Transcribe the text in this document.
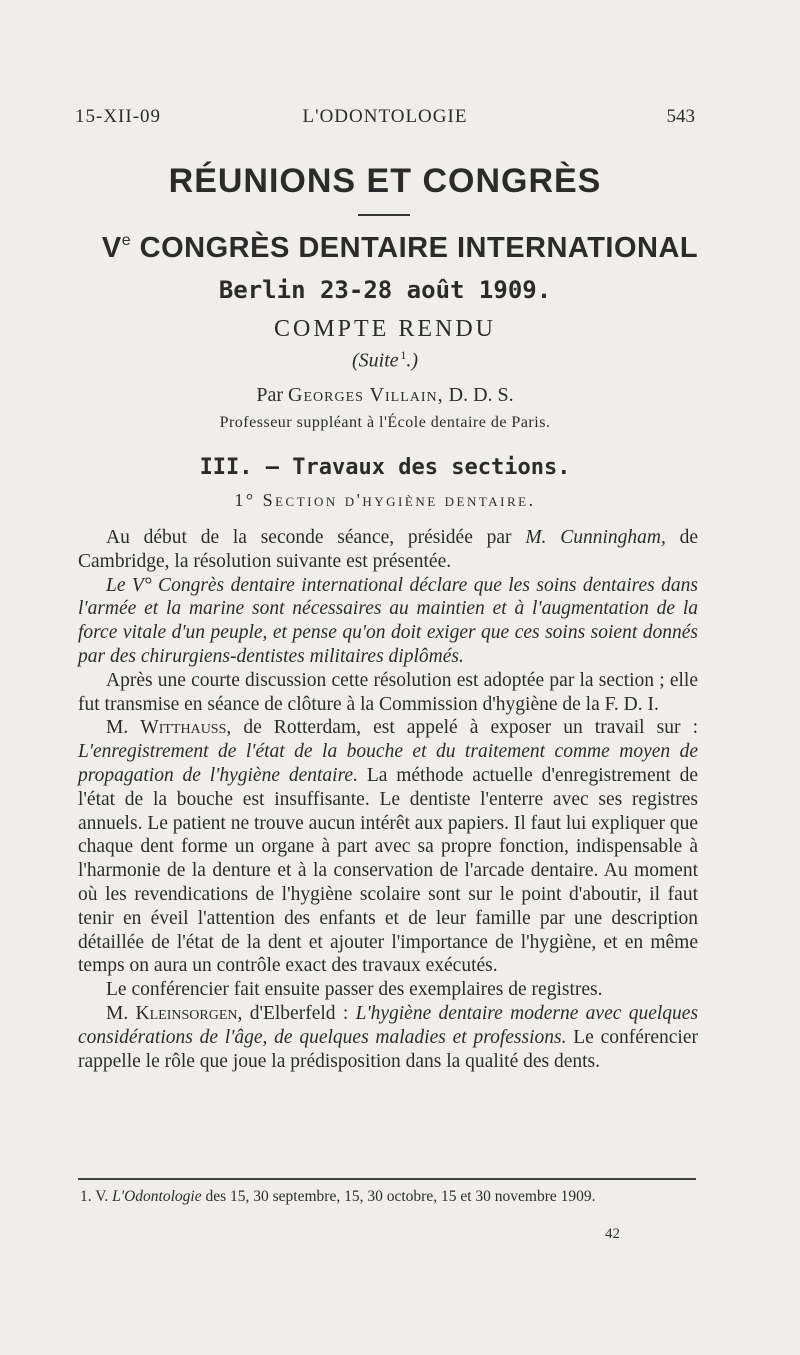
15-XII-09	L'ODONTOLOGIE	543
RÉUNIONS ET CONGRÈS
Ve CONGRÈS DENTAIRE INTERNATIONAL
Berlin 23-28 août 1909.
COMPTE RENDU
(Suite  $^1$.)
Par Georges Villain, D. D. S.
Professeur suppléant à l'École dentaire de Paris.
III. — Travaux des sections.
1° Section d'hygiène dentaire.

Au début de la seconde séance, présidée par M. Cunningham, de Cambridge, la résolution suivante est présentée.

Le V° Congrès dentaire international déclare que les soins dentaires dans l'armée et la marine sont nécessaires au maintien et à l'augmentation de la force vitale d'un peuple, et pense qu'on doit exiger que ces soins soient donnés par des chirurgiens-dentistes militaires diplômés.

Après une courte discussion cette résolution est adoptée par la section ; elle fut transmise en séance de clôture à la Commission d'hygiène de la F. D. I.

M. Witthauss, de Rotterdam, est appelé à exposer un travail sur : L'enregistrement de l'état de la bouche et du traitement comme moyen de propagation de l'hygiène dentaire. La méthode actuelle d'enregistrement de l'état de la bouche est insuffisante. Le dentiste l'enterre avec ses registres annuels. Le patient ne trouve aucun intérêt aux papiers. Il faut lui expliquer que chaque dent forme un organe à part avec sa propre fonction, indispensable à l'harmonie de la denture et à la conservation de l'arcade dentaire. Au moment où les revendications de l'hygiène scolaire sont sur le point d'aboutir, il faut tenir en éveil l'attention des enfants et de leur famille par une description détaillée de l'état de la dent et ajouter l'importance de l'hygiène, et en même temps on aura un contrôle exact des travaux exécutés.

Le conférencier fait ensuite passer des exemplaires de registres.

M. Kleinsorgen, d'Elberfeld : L'hygiène dentaire moderne avec quelques considérations de l'âge, de quelques maladies et professions. Le conférencier rappelle le rôle que joue la prédisposition dans la qualité des dents.

1. V. L'Odontologie des 15, 30 septembre, 15, 30 octobre, 15 et 30 novembre 1909.
42
